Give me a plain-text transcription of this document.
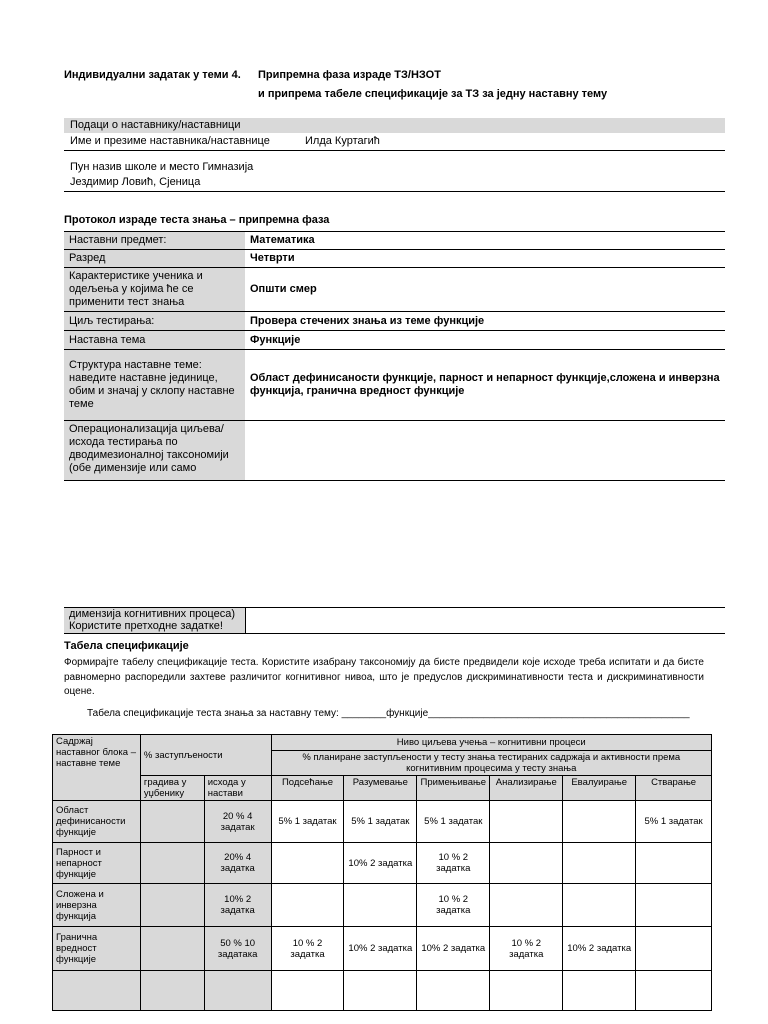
Индивидуални задатак у теми 4. Припремна фаза израде ТЗ/НЗОТ
и припрема табеле спецификације за ТЗ за једну наставну тему
Подаци о наставнику/наставници
Име и презиме наставника/наставнице	Илда Куртагић
Пун назив школе и место Гимназија
Јездимир Ловић, Сјеница
Протокол израде теста знања – припремна фаза
Наставни предмет:	Математика
Разред	Четврти
Карактеристике ученика и одељења у којима ће се применити тест знања	Општи смер
Циљ тестирања:	Провера стечених знања из теме функције
Наставна тема	Функције
Структура наставне теме: наведите наставне јединице, обим и значај у склопу наставне теме	Област дефинисаности функције, парност и непарност функције,сложена и инверзна функција, гранична вредност функције
Операционализација циљева/исхода тестирања по дводимезионалној таксономији (обе димензије или само	
димензија когнитивних процеса)
Користите претходне задатке!
Табела спецификације
Формирајте табелу спецификације теста. Користите изабрану таксономију да бисте предвидели које исходе треба испитати и да бисте равномерно распоредили захтеве различитог когнитивног нивоа, што је предуслов дискриминативности теста и дискриминативности оцене.
Табела спецификације теста знања за наставну тему: ________функције_______________________________________________
Садржај наставног блока – наставне теме	% заступљености		Ниво циљева учења – когнитивни процеси					
			% планиране заступљености у тесту знања тестираних садржаја и активности према когнитивним процесима у тесту знања					
	градива у уџбенику	исхода у настави	Подсећање	Разумевање	Примењивање	Анализирање	Евалуирање	Стварање
Област дефинисаности функције		20 % 4 задатак	5% 1 задатак	5% 1 задатак	5% 1 задатак			5% 1 задатак
Парност и непарност функције		20% 4 задатка		10% 2 задатка	10 % 2 задатка			
Сложена и инверзна функција		10% 2 задатка			10 % 2 задатка			
Гранична вредност функције		50 % 10 задатака	10 % 2 задатка	10% 2 задатка	10% 2 задатка	10 % 2 задатка	10% 2 задатка	
